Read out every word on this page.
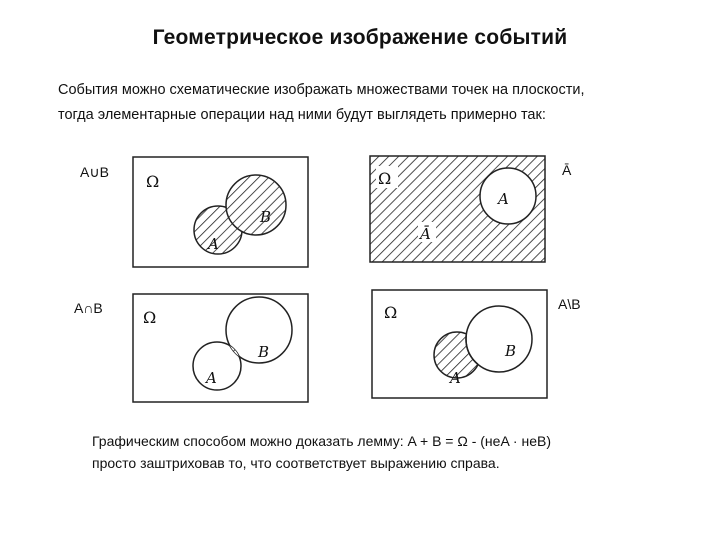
Геометрическое изображение событий
События можно схематические изображать множествами точек на плоскости,
тогда элементарные операции над ними будут выглядеть примерно так:
A∪B	Ā
A∩B	A\B
Ω
A
B
Ω
A
Ā
Ω
A
B
Ω
A
B
Графическим способом можно доказать лемму: A + B = Ω - (неA · неB)
просто заштриховав то, что соответствует выражению справа.
